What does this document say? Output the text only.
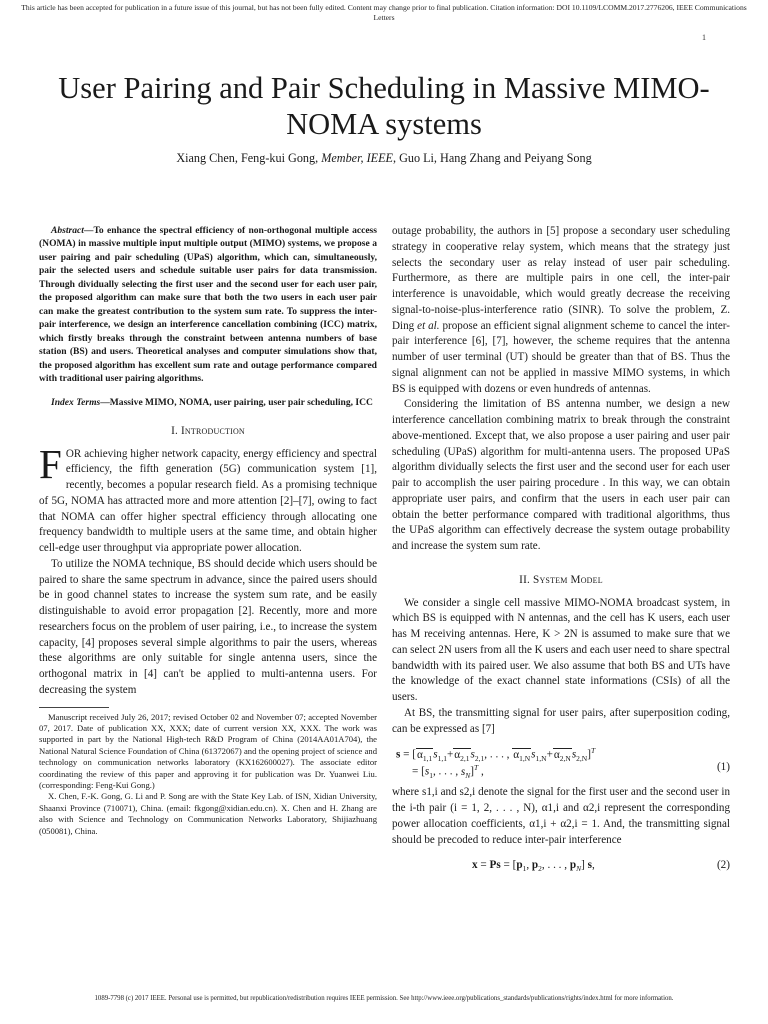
This article has been accepted for publication in a future issue of this journal, but has not been fully edited. Content may change prior to final publication. Citation information: DOI 10.1109/LCOMM.2017.2776206, IEEE Communications Letters
1
User Pairing and Pair Scheduling in Massive MIMO-NOMA systems
Xiang Chen, Feng-kui Gong, Member, IEEE, Guo Li, Hang Zhang and Peiyang Song

Abstract—To enhance the spectral efficiency of non-orthogonal multiple access (NOMA) in massive multiple input multiple output (MIMO) systems, we propose a user pairing and pair scheduling (UPaS) algorithm, which can, simultaneously, pair the selected users and schedule suitable user pairs for data transmission. Through dividually selecting the first user and the second user for each user pair, the proposed algorithm can make sure that both the two users in each user pair can make the greatest contribution to the system sum rate. To suppress the inter-pair interference, we design an interference cancellation combining (ICC) matrix, which firstly breaks through the constraint between antenna numbers of base station (BS) and users. Theoretical analyses and computer simulations show that, the proposed algorithm has excellent sum rate and outage performance compared with traditional user pairing algorithms.

Index Terms—Massive MIMO, NOMA, user pairing, user pair scheduling, ICC

I. Introduction

FOR achieving higher network capacity, energy efficiency and spectral efficiency, the fifth generation (5G) communication system [1], recently, becomes a popular research field. As a promising technique of 5G, NOMA has attracted more and more attention [2]–[7], owing to fact that NOMA can offer higher spectral efficiency through allocating one frequency bandwidth to multiple users at the same time, and obtain higher cell-edge user throughput via appropriate power allocation.

To utilize the NOMA technique, BS should decide which users should be paired to share the same spectrum in advance, since the paired users should be in good channel states to increase the system sum rate, and be easily distinguishable to avoid error propagation [2]. Recently, more and more researchers focus on the problem of user pairing, i.e., to increase the system capacity, [4] proposes several simple algorithms to pair the users, whereas these algorithms are only suitable for single antenna users, since the orthogonal matrix in [4] can't be applied to multi-antenna users. For decreasing the system

Manuscript received July 26, 2017; revised October 02 and November 07; accepted November 07, 2017. Date of publication XX, XXX; date of current version XX, XXX. The work was supported in part by the National High-tech R&D Program of China (2014AA01A704), the National Natural Science Foundation of China (61372067) and the opening project of science and technology on communication networks laboratory (KX162600027). The associate editor coordinating the review of this paper and approving it for publication was Dr. Yuanwei Liu. (corresponding: Feng-Kui Gong.)

X. Chen, F.-K. Gong, G. Li and P. Song are with the State Key Lab. of ISN, Xidian University, Shaanxi Province (710071), China. (email: fkgong@xidian.edu.cn). X. Chen and H. Zhang are also with Science and Technology on Communication Networks Laboratory, Shijiazhuang (050081), China.

outage probability, the authors in [5] propose a secondary user scheduling strategy in cooperative relay system, which means that the strategy just selects the secondary user as relay instead of user pair scheduling. Furthermore, as there are multiple pairs in one cell, the inter-pair interference is unavoidable, which would greatly decrease the receiving signal-to-noise-plus-interference ratio (SINR). To solve the problem, Z. Ding et al. propose an efficient signal alignment scheme to cancel the inter-pair interference [6], [7], however, the scheme requires that the antenna number of user terminal (UT) should be greater than that of BS. Thus the signal alignment can not be applied in massive MIMO systems, in which BS is equipped with dozens or even hundreds of antennas.

Considering the limitation of BS antenna number, we design a new interference cancellation combining matrix to break through the constraint above-mentioned. Except that, we also propose a user pairing and user pair scheduling (UPaS) algorithm for multi-antenna users. The proposed UPaS algorithm dividually selects the first user and the second user for each user pair to accomplish the user pairing procedure . In this way, we can obtain appropriate user pairs, and confirm that the users in each user pair can obtain the better performance compared with traditional algorithms, thus the UPaS algorithm can effectively decrease the system outage probability and increase the system sum rate.

II. System Model

We consider a single cell massive MIMO-NOMA broadcast system, in which BS is equipped with N antennas, and the cell has K users, each user has M receiving antennas. Here, K > 2N is assumed to make sure that we can select 2N users from all the K users and each user need to share spectral bandwidth with its paired user. We also assume that both BS and UTs have the knowledge of the exact channel state informations (CSIs) of all the users.

At BS, the transmitting signal for user pairs, after superposition coding, can be expressed as [7]

$s = [\alpha_{1,1}s_{1,1}+\alpha_{2,1}s_{2,1}$, . . . , $\alpha_{1,N}s_{1,N}+\alpha_{2,N}s_{2,N}]^T$
= [$s_1$, . . . , $s_N]^T$ ,	(1)

where s1,i and s2,i denote the signal for the first user and the second user in the i-th pair (i = 1, 2, . . . , N), α1,i and α2,i represent the corresponding power allocation coefficients, α1,i + α2,i = 1. And, the transmitting signal should be precoded to reduce inter-pair interference

$x = Ps = [p_1$, $p_2$, . . . , $p_N$] s,	(2)
1089-7798 (c) 2017 IEEE. Personal use is permitted, but republication/redistribution requires IEEE permission. See http://www.ieee.org/publications_standards/publications/rights/index.html for more information.
